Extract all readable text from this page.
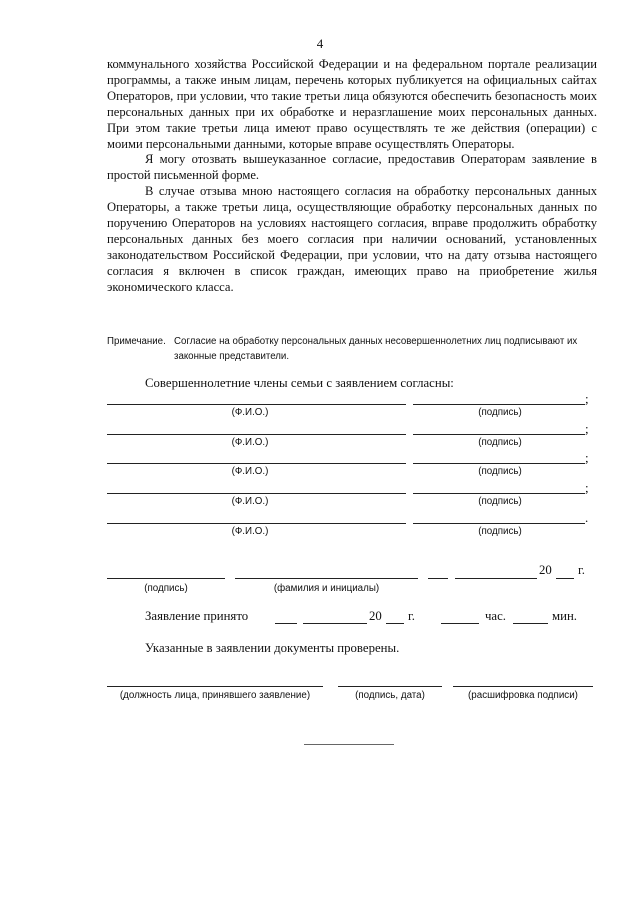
4

коммунального хозяйства Российской Федерации и на федеральном портале реализации программы, а также иным лицам, перечень которых публикуется на официальных сайтах Операторов, при условии, что такие третьи лица обязуются обеспечить безопасность моих персональных данных при их обработке и неразглашение моих персональных данных. При этом такие третьи лица имеют право осуществлять те же действия (операции) с моими персональными данными, которые вправе осуществлять Операторы.

Я могу отозвать вышеуказанное согласие, предоставив Операторам заявление в простой письменной форме.

В случае отзыва мною настоящего согласия на обработку персональных данных Операторы, а также третьи лица, осуществляющие обработку персональных данных по поручению Операторов на условиях настоящего согласия, вправе продолжить обработку персональных данных без моего согласия при наличии оснований, установленных законодательством Российской Федерации, при условии, что на дату отзыва настоящего согласия я включен в список граждан, имеющих право на приобретение жилья экономического класса.

Примечание. Согласие на обработку персональных данных несовершеннолетних лиц подписывают их законные представители.
Совершеннолетние члены семьи с заявлением согласны:
;
(Ф.И.О.)	(подпись)
;
(Ф.И.О.)	(подпись)
;
(Ф.И.О.)	(подпись)
;
(Ф.И.О.)	(подпись)
.
(Ф.И.О.)	(подпись)
20 г.
(подпись)	(фамилия и инициалы)
Заявление принято	20 г.	час.	мин.
Указанные в заявлении документы проверены.
(должность лица, принявшего заявление)	(подпись, дата)	(расшифровка подписи)
